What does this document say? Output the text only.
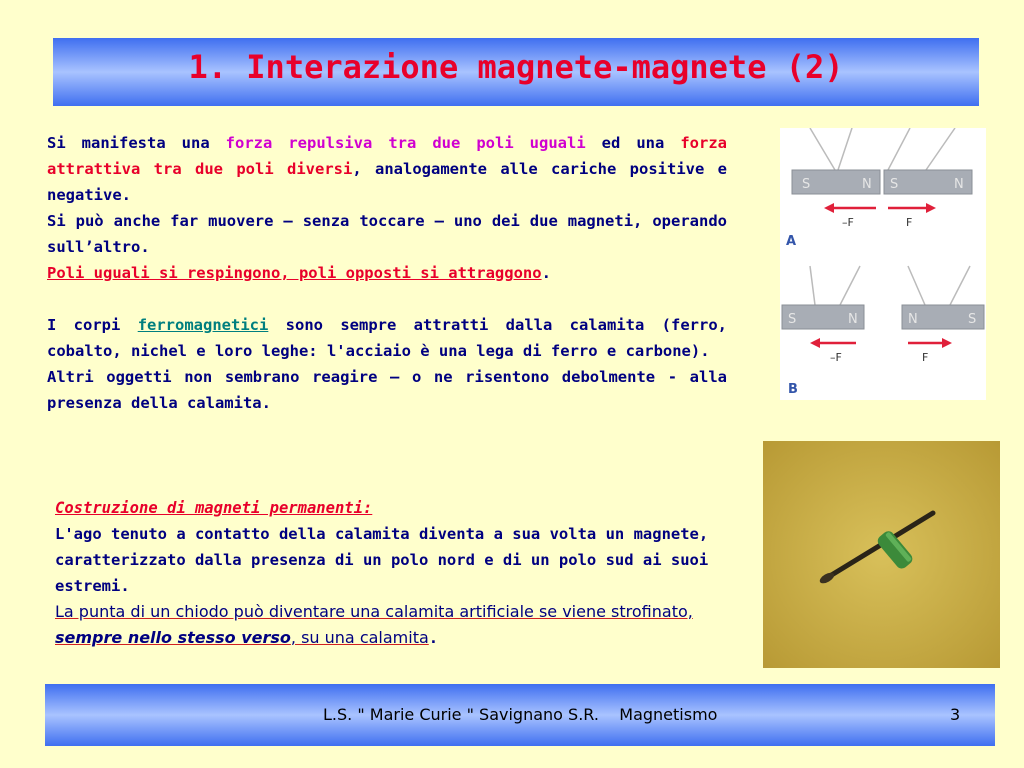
1. Interazione magnete-magnete (2)
Si manifesta una forza repulsiva tra due poli uguali ed una forza attrattiva tra due poli diversi, analogamente alle cariche positive e negative.
Si può anche far muovere – senza toccare – uno dei due magneti, operando sull’altro.
Poli uguali si respingono, poli opposti si attraggono.

I corpi ferromagnetici sono sempre attratti dalla calamita (ferro, cobalto, nichel e loro leghe: l'acciaio è una lega di ferro e carbone).
Altri oggetti non sembrano reagire – o ne risentono debolmente - alla presenza della calamita.
Costruzione di magneti permanenti:
L'ago tenuto a contatto della calamita diventa a sua volta un magnete, caratterizzato dalla presenza di un polo nord e di un polo sud ai suoi estremi.
La punta di un chiodo può diventare una calamita artificiale se viene strofinato, sempre nello stesso verso, su una calamita.
S	N S	N
–F	F
A
S	N	N	S
–F	F
B
L.S. " Marie Curie " Savignano S.R.    Magnetismo	3
